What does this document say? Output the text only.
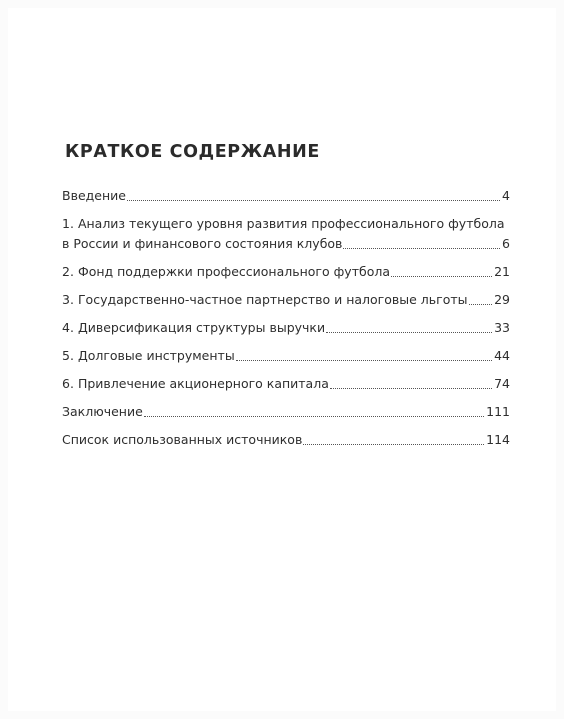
КРАТКОЕ СОДЕРЖАНИЕ
Введение	4
1. Анализ текущего уровня развития профессионального футбола
в России и финансового состояния клубов	6
2. Фонд поддержки профессионального футбола	21
3. Государственно-частное партнерство и налоговые льготы 29
4. Диверсификация структуры выручки	33
5. Долговые инструменты	44
6. Привлечение акционерного капитала	74
Заключение	111
Список использованных источников	114
